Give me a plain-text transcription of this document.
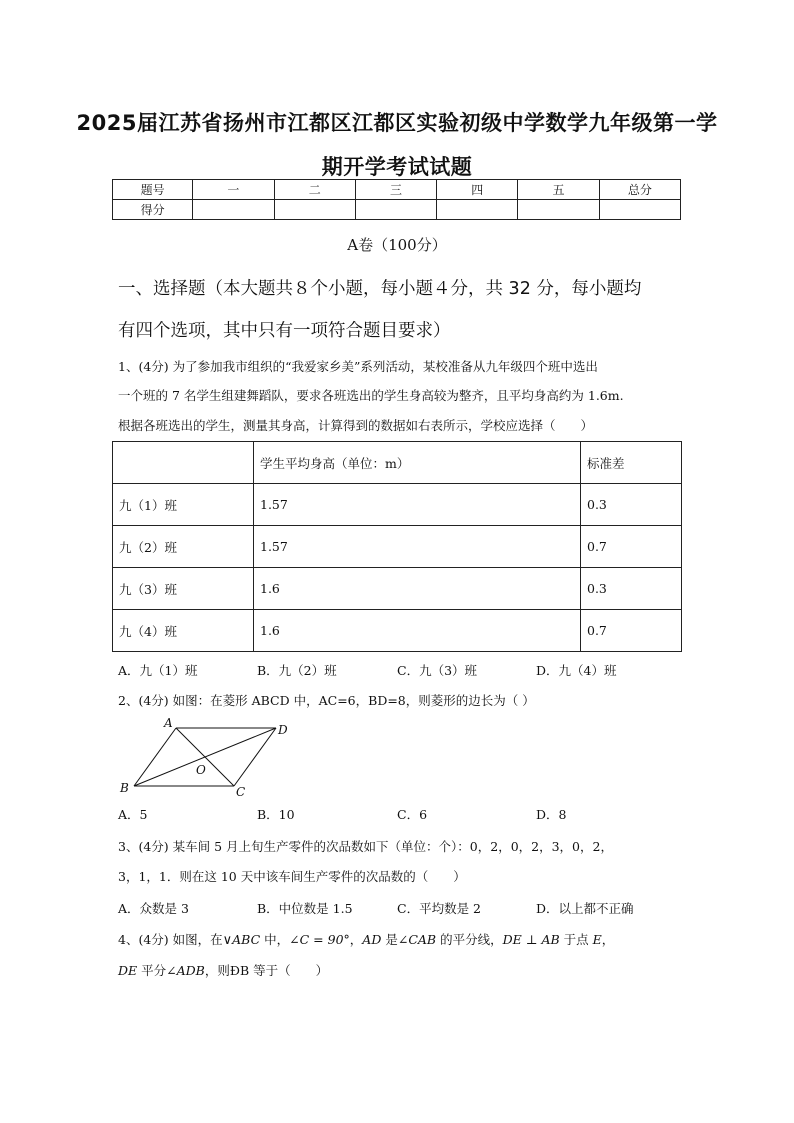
2025届江苏省扬州市江都区江都区实验初级中学数学九年级第一学
期开学考试试题
题号	一	二	三	四	五	总分
得分						
A卷（100分）
一、选择题（本大题共８个小题，每小题４分，共 32 分，每小题均
有四个选项，其中只有一项符合题目要求）
1、(4分) 为了参加我市组织的“我爱家乡美”系列活动，某校准备从九年级四个班中选出
一个班的 7 名学生组建舞蹈队，要求各班选出的学生身高较为整齐，且平均身高约为 1.6m.
根据各班选出的学生，测量其身高，计算得到的数据如右表所示，学校应选择（　　）
	学生平均身高（单位：m）	标准差
九（1）班	1.57	0.3
九（2）班	1.57	0.7
九（3）班	1.6	0.3
九（4）班	1.6	0.7
A．九（1）班	B．九（2）班	C．九（3）班	D．九（4）班
2、(4分) 如图：在菱形 ABCD 中，AC=6，BD=8，则菱形的边长为（ ）
A	D
B	C
O
A．5	B．10	C．6	D．8
3、(4分) 某车间 5 月上旬生产零件的次品数如下（单位：个）：0，2，0，2，3，0，2，
3，1，1．则在这 10 天中该车间生产零件的次品数的（　　）
A．众数是 3	B．中位数是 1.5	C．平均数是 2	D．以上都不正确
4、(4分) 如图，在∨ABC 中，∠C = 90°，AD 是∠CAB 的平分线，DE ⊥ AB 于点 E，
DE 平分∠ADB，则ÐB 等于（　　）
